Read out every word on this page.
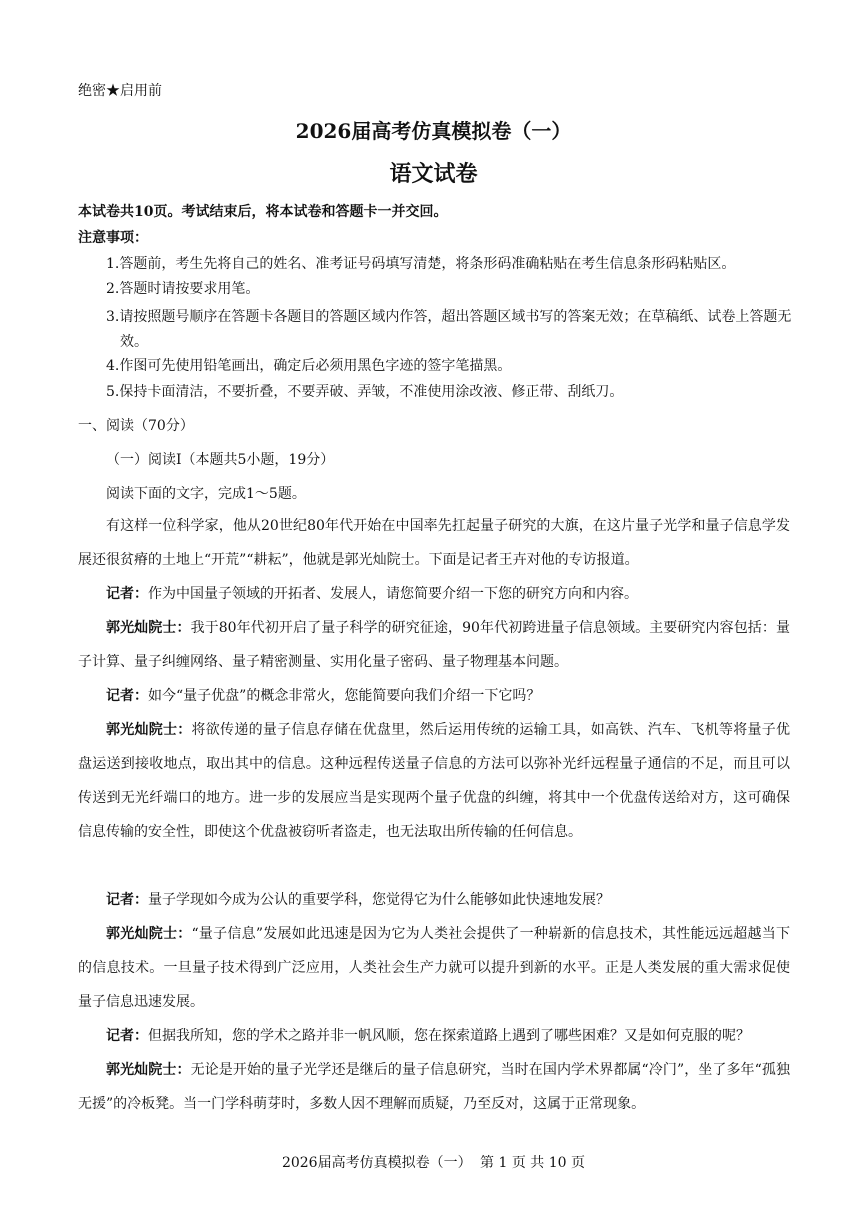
绝密★启用前
2026届高考仿真模拟卷（一）
语文试卷
本试卷共10页。考试结束后，将本试卷和答题卡一并交回。
注意事项：
1.答题前，考生先将自己的姓名、准考证号码填写清楚，将条形码准确粘贴在考生信息条形码粘贴区。
2.答题时请按要求用笔。
3.请按照题号顺序在答题卡各题目的答题区域内作答，超出答题区域书写的答案无效；在草稿纸、试卷上答题无效。
4.作图可先使用铅笔画出，确定后必须用黑色字迹的签字笔描黑。
5.保持卡面清洁，不要折叠，不要弄破、弄皱，不准使用涂改液、修正带、刮纸刀。
一、阅读（70分）
（一）阅读Ⅰ（本题共5小题，19分）
阅读下面的文字，完成1～5题。
有这样一位科学家，他从20世纪80年代开始在中国率先扛起量子研究的大旗，在这片量子光学和量子信息学发展还很贫瘠的土地上“开荒”“耕耘”，他就是郭光灿院士。下面是记者王卉对他的专访报道。
记者：作为中国量子领域的开拓者、发展人，请您简要介绍一下您的研究方向和内容。
郭光灿院士：我于80年代初开启了量子科学的研究征途，90年代初跨进量子信息领域。主要研究内容包括：量子计算、量子纠缠网络、量子精密测量、实用化量子密码、量子物理基本问题。
记者：如今“量子优盘”的概念非常火，您能简要向我们介绍一下它吗？
郭光灿院士：将欲传递的量子信息存储在优盘里，然后运用传统的运输工具，如高铁、汽车、飞机等将量子优盘运送到接收地点，取出其中的信息。这种远程传送量子信息的方法可以弥补光纤远程量子通信的不足，而且可以传送到无光纤端口的地方。进一步的发展应当是实现两个量子优盘的纠缠，将其中一个优盘传送给对方，这可确保信息传输的安全性，即使这个优盘被窃听者盗走，也无法取出所传输的任何信息。
记者：量子学现如今成为公认的重要学科，您觉得它为什么能够如此快速地发展？
郭光灿院士：“量子信息”发展如此迅速是因为它为人类社会提供了一种崭新的信息技术，其性能远远超越当下的信息技术。一旦量子技术得到广泛应用，人类社会生产力就可以提升到新的水平。正是人类发展的重大需求促使量子信息迅速发展。
记者：但据我所知，您的学术之路并非一帆风顺，您在探索道路上遇到了哪些困难？又是如何克服的呢？
郭光灿院士：无论是开始的量子光学还是继后的量子信息研究，当时在国内学术界都属“冷门”，坐了多年“孤独无援”的冷板凳。当一门学科萌芽时，多数人因不理解而质疑，乃至反对，这属于正常现象。
2026届高考仿真模拟卷（一） 第 1 页 共 10 页
